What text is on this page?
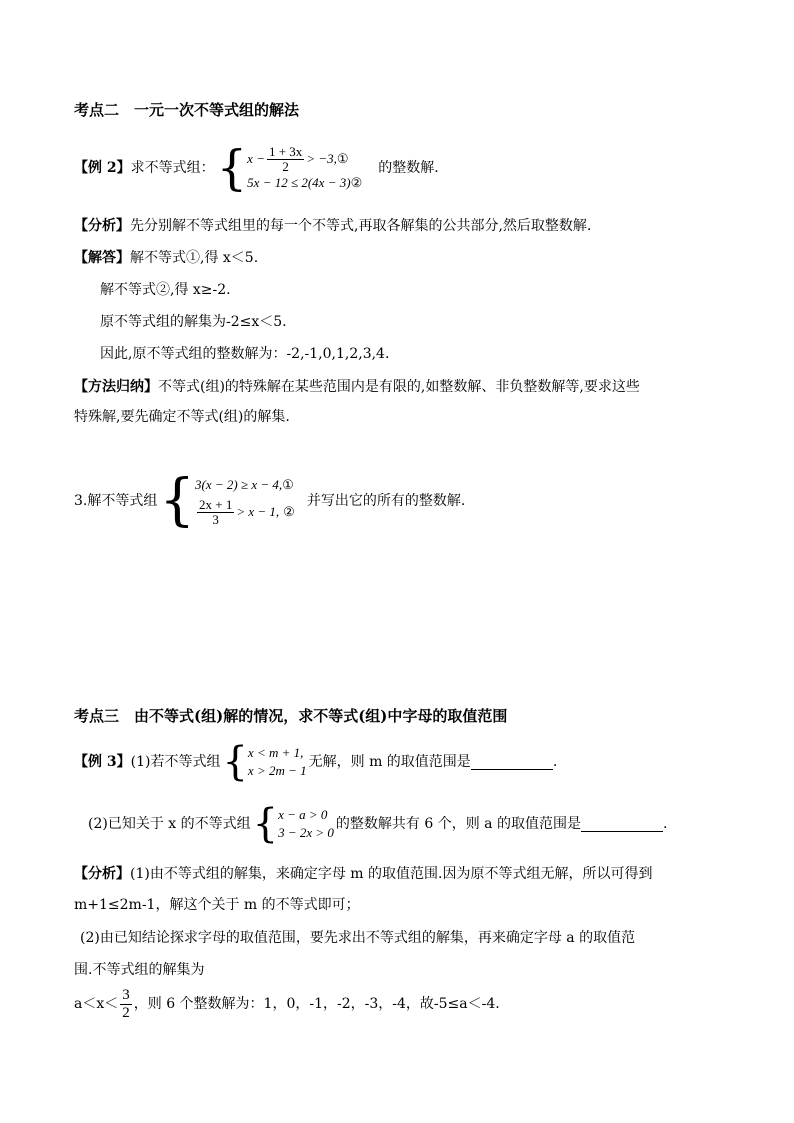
考点二　一元一次不等式组的解法
【例 2】 求不等式组： { $x - \frac{1 + 3x}{2} > -3$, ①
5x − 12 ≤ 2(4x − 3) ②
的整数解.
【分析】先分别解不等式组里的每一个不等式,再取各解集的公共部分,然后取整数解.
【解答】解不等式①,得 x＜5.
解不等式②,得 x≥-2.
原不等式组的解集为-2≤x＜5.
因此,原不等式组的整数解为：-2,-1,0,1,2,3,4.
【方法归纳】不等式(组)的特殊解在某些范围内是有限的,如整数解、非负整数解等,要求这些
特殊解,要先确定不等式(组)的解集.
3.解不等式组 { 3(x − 2) ≥ x − 4, ①
$\frac{2x + 1}{3} > x - 1$, ②
并写出它的所有的整数解.
考点三　由不等式(组)解的情况，求不等式(组)中字母的取值范围
【例 3】 (1)若不等式组 { x < m + 1,
x > 2m − 1
无解，则 m 的取值范围是	.
(2)已知关于 x 的不等式组 { x − a > 0
3 − 2x > 0
的整数解共有 6 个，则 a 的取值范围是	.
【分析】(1)由不等式组的解集，来确定字母 m 的取值范围.因为原不等式组无解，所以可得到
m+1≤2m-1，解这个关于 m 的不等式即可；
(2)由已知结论探求字母的取值范围，要先求出不等式组的解集，再来确定字母 a 的取值范
围.不等式组的解集为
$a<x< \frac{3}{2}$ ，则 6 个整数解为：1，0，-1，-2，-3，-4，故-5≤a＜-4.
